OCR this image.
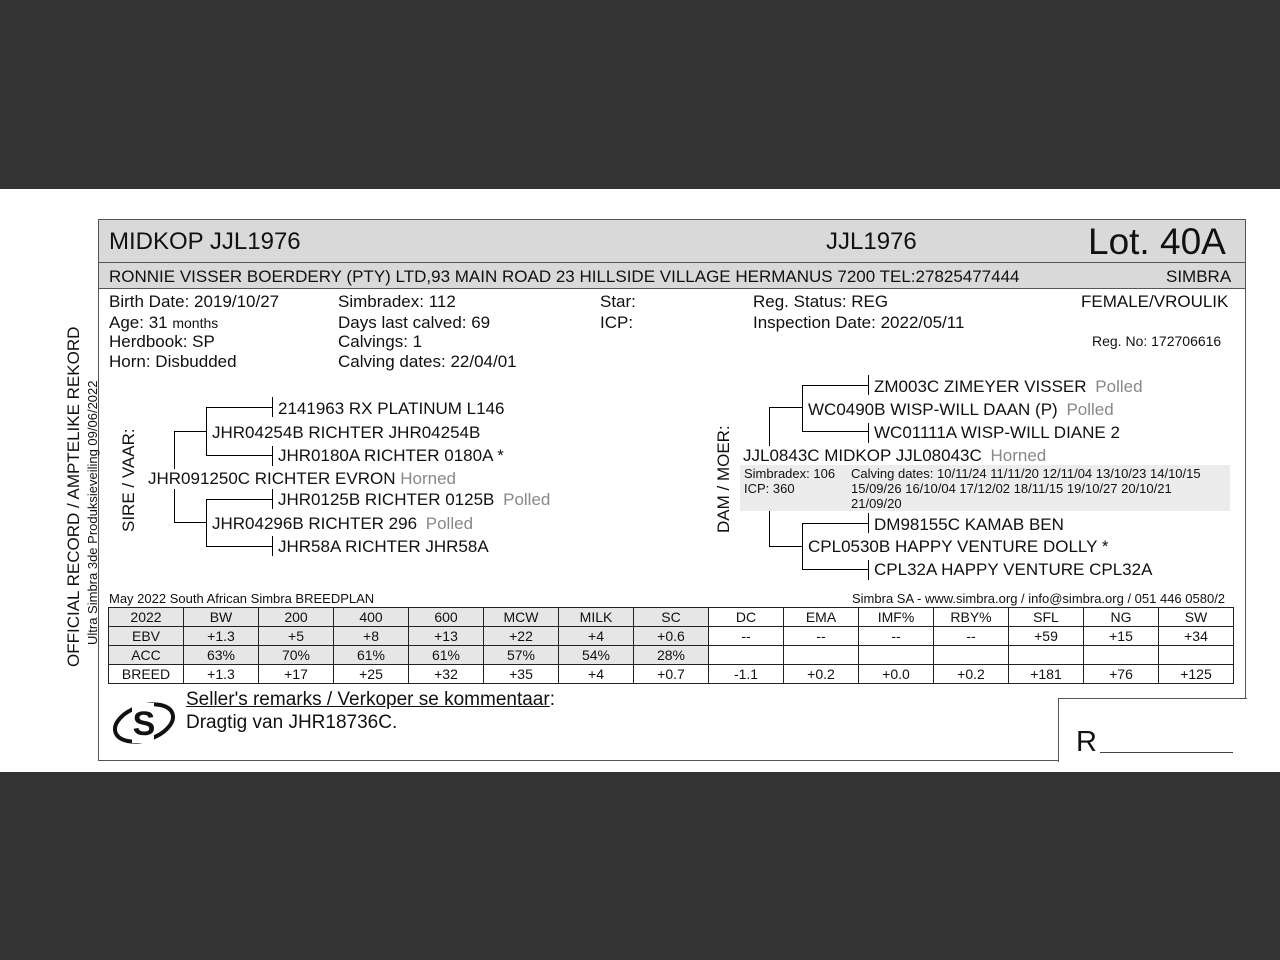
MIDKOP JJL1976	JJL1976	Lot. 40A
RONNIE VISSER BOERDERY (PTY) LTD,93 MAIN ROAD 23 HILLSIDE VILLAGE HERMANUS 7200 TEL:27825477444	SIMBRA
Birth Date: 2019/10/27
Age: 31 months
Herdbook: SP
Horn: Disbudded
Simbradex: 112
Days last calved: 69
Calvings: 1
Calving dates: 22/04/01
Star:
ICP:
Reg. Status: REG
Inspection Date: 2022/05/11
FEMALE/VROULIK
Reg. No: 172706616
OFFICIAL RECORD / AMPTELIKE REKORD Ultra Simbra 3de Produksieveiling 09/06/2022 SIRE / VAAR:	DAM / MOER:
2141963 RX PLATINUM L146
JHR04254B RICHTER JHR04254B
JHR0180A RICHTER 0180A *
JHR091250C RICHTER EVRON Horned
JHR0125B RICHTER 0125B Polled
JHR04296B RICHTER 296 Polled
JHR58A RICHTER JHR58A
ZM003C ZIMEYER VISSER Polled
WC0490B WISP-WILL DAAN (P) Polled
WC01111A WISP-WILL DIANE 2
JJL0843C MIDKOP JJL08043C Horned
Simbradex: 106
ICP: 360
Calving dates: 10/11/24 11/11/20 12/11/04 13/10/23 14/10/15
15/09/26 16/10/04 17/12/02 18/11/15 19/10/27 20/10/21
21/09/20
DM98155C KAMAB BEN
CPL0530B HAPPY VENTURE DOLLY *
CPL32A HAPPY VENTURE CPL32A
May 2022 South African Simbra BREEDPLAN	Simbra SA - www.simbra.org / info@simbra.org / 051 446 0580/2
2022	BW	200	400	600	MCW	MILK	SC	DC	EMA	IMF%	RBY%	SFL	NG	SW
EBV	+1.3	+5	+8	+13	+22	+4	+0.6	--	--	--	--	+59	+15	+34
ACC	63%	70%	61%	61%	57%	54%	28%							
BREED	+1.3	+17	+25	+32	+35	+4	+0.7	-1.1	+0.2	+0.0	+0.2	+181	+76	+125
S
Seller's remarks / Verkoper se kommentaar:
Dragtig van JHR18736C.
R
